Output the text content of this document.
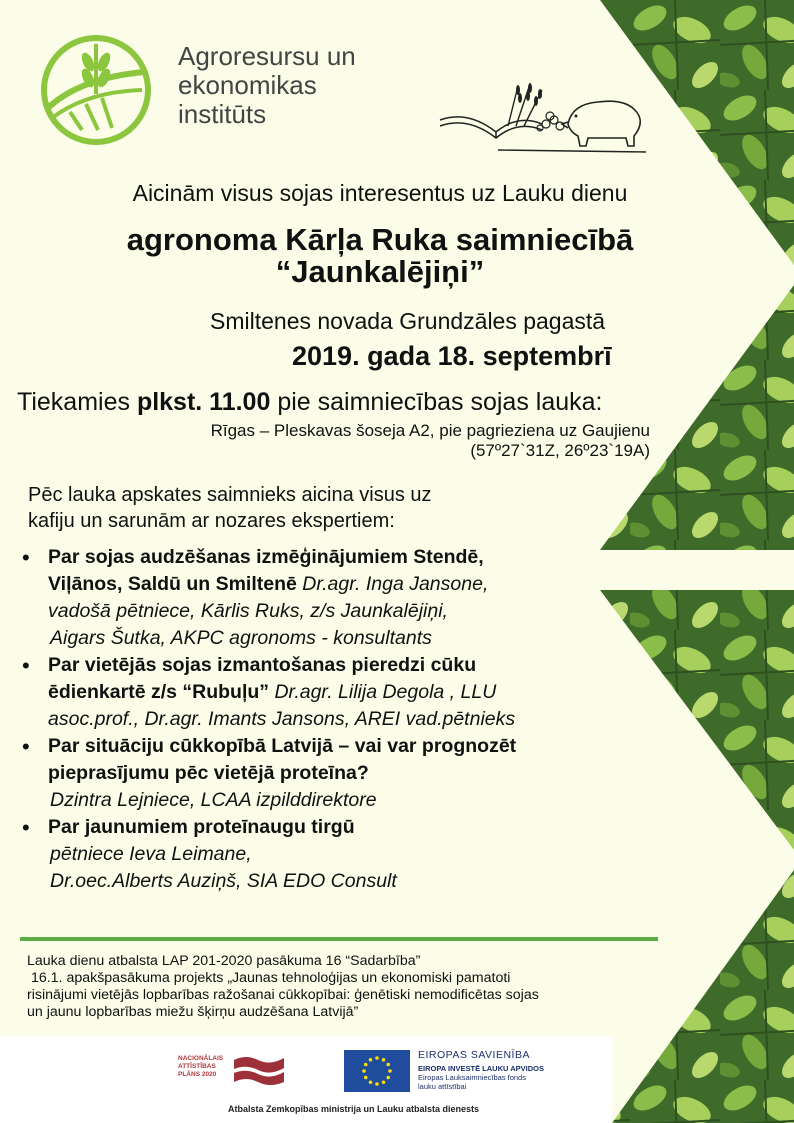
Agroresursu un
ekonomikas
institūts
Aicinām visus sojas interesentus uz Lauku dienu
agronoma Kārļa Ruka saimniecībā
“Jaunkalējiņi”
Smiltenes novada Grundzāles pagastā
2019. gada 18. septembrī
Tiekamies plkst. 11.00 pie saimniecības sojas lauka:
Rīgas – Pleskavas šoseja A2, pie pagrieziena uz Gaujienu
(57º27`31Z, 26º23`19A)
Pēc lauka apskates saimnieks aicina visus uz
kafiju un sarunām ar nozares ekspertiem:
• Par sojas audzēšanas izmēģinājumiem Stendē,
Viļānos, Saldū un Smiltenē Dr.agr. Inga Jansone,
vadošā pētniece, Kārlis Ruks, z/s Jaunkalējiņi,

Aigars Šutka, AKPC agronoms - konsultants
• Par vietējās sojas izmantošanas pieredzi cūku
ēdienkartē z/s “Rubuļu” Dr.agr. Lilija Degola , LLU
asoc.prof., Dr.agr. Imants Jansons, AREI vad.pētnieks
• Par situāciju cūkkopībā Latvijā – vai var prognozēt
pieprasījumu pēc vietējā proteīna?

Dzintra Lejniece, LCAA izpilddirektore
• Par jaunumiem proteīnaugu tirgū

pētniece Ieva Leimane,
Dr.oec.Alberts Auziņš, SIA EDO Consult
Lauka dienu atbalsta LAP 201-2020 pasākuma 16 “Sadarbība”
16.1. apakšpasākuma projekts „Jaunas tehnoloģijas un ekonomiski pamatoti
risinājumi vietējās lopbarības ražošanai cūkkopībai: ģenētiski nemodificētas sojas
un jaunu lopbarības miežu šķirņu audzēšana Latvijā”
NACIONĀLAIS
ATTĪSTĪBAS
PLĀNS 2020
EIROPAS SAVIENĪBA
EIROPA INVESTĒ LAUKU APVIDOS
Eiropas Lauksaimniecības fonds
lauku attīstībai
Atbalsta Zemkopības ministrija un Lauku atbalsta dienests
